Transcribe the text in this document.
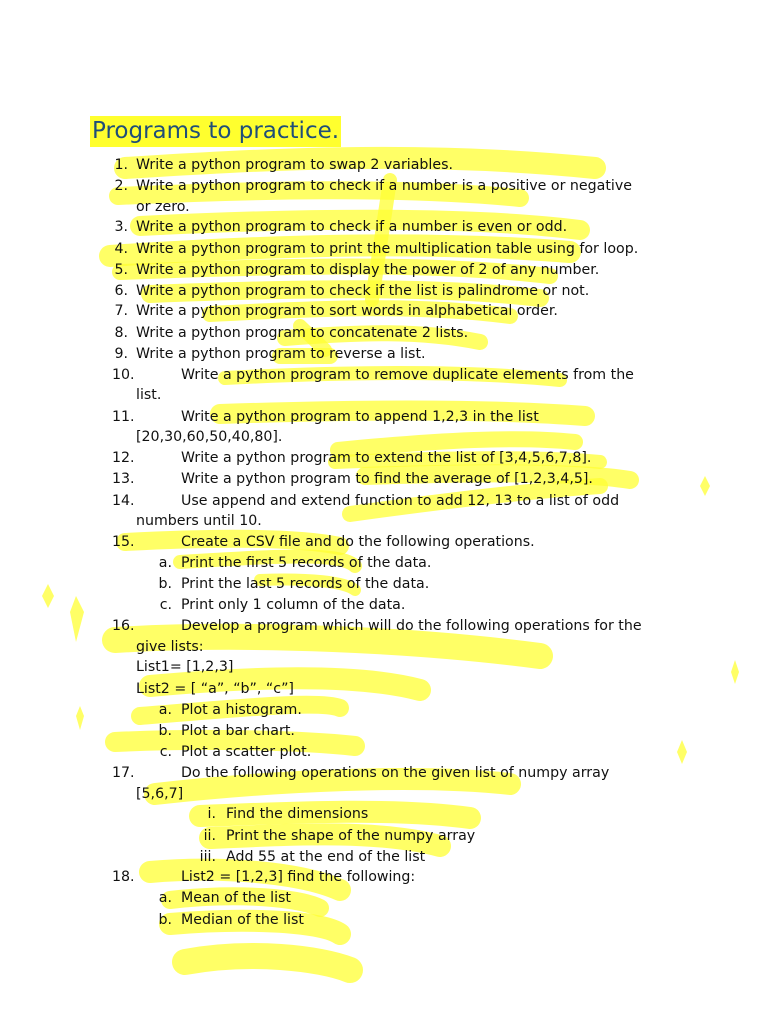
Programs to practice.
1. Write a python program to swap 2 variables.
2. Write a python program to check if a number is a positive or negative
or zero.
3. Write a python program to check if a number is even or odd.
4. Write a python program to print the multiplication table using for loop.
5. Write a python program to display the power of 2 of any number.
6. Write a python program to check if the list is palindrome or not.
7. Write a python program to sort words in alphabetical order.
8. Write a python program to concatenate 2 lists.
9. Write a python program to reverse a list.
10.	Write a python program to remove duplicate elements from the
list.
11.	Write a python program to append 1,2,3 in the list
[20,30,60,50,40,80].
12.	Write a python program to extend the list of [3,4,5,6,7,8].
13.	Write a python program to find the average of [1,2,3,4,5].
14.	Use append and extend function to add 12, 13 to a list of odd
numbers until 10.
15.	Create a CSV file and do the following operations.
a. Print the first 5 records of the data.
b. Print the last 5 records of the data.
c. Print only 1 column of the data.
16.	Develop a program which will do the following operations for the
give lists:
List1= [1,2,3]
List2 = [ “a”, “b”, “c”]
a. Plot a histogram.
b. Plot a bar chart.
c. Plot a scatter plot.
17.	Do the following operations on the given list of numpy array
[5,6,7]
i. Find the dimensions
ii. Print the shape of the numpy array
iii. Add 55 at the end of the list
18.	List2 = [1,2,3] find the following:
a. Mean of the list
b. Median of the list
